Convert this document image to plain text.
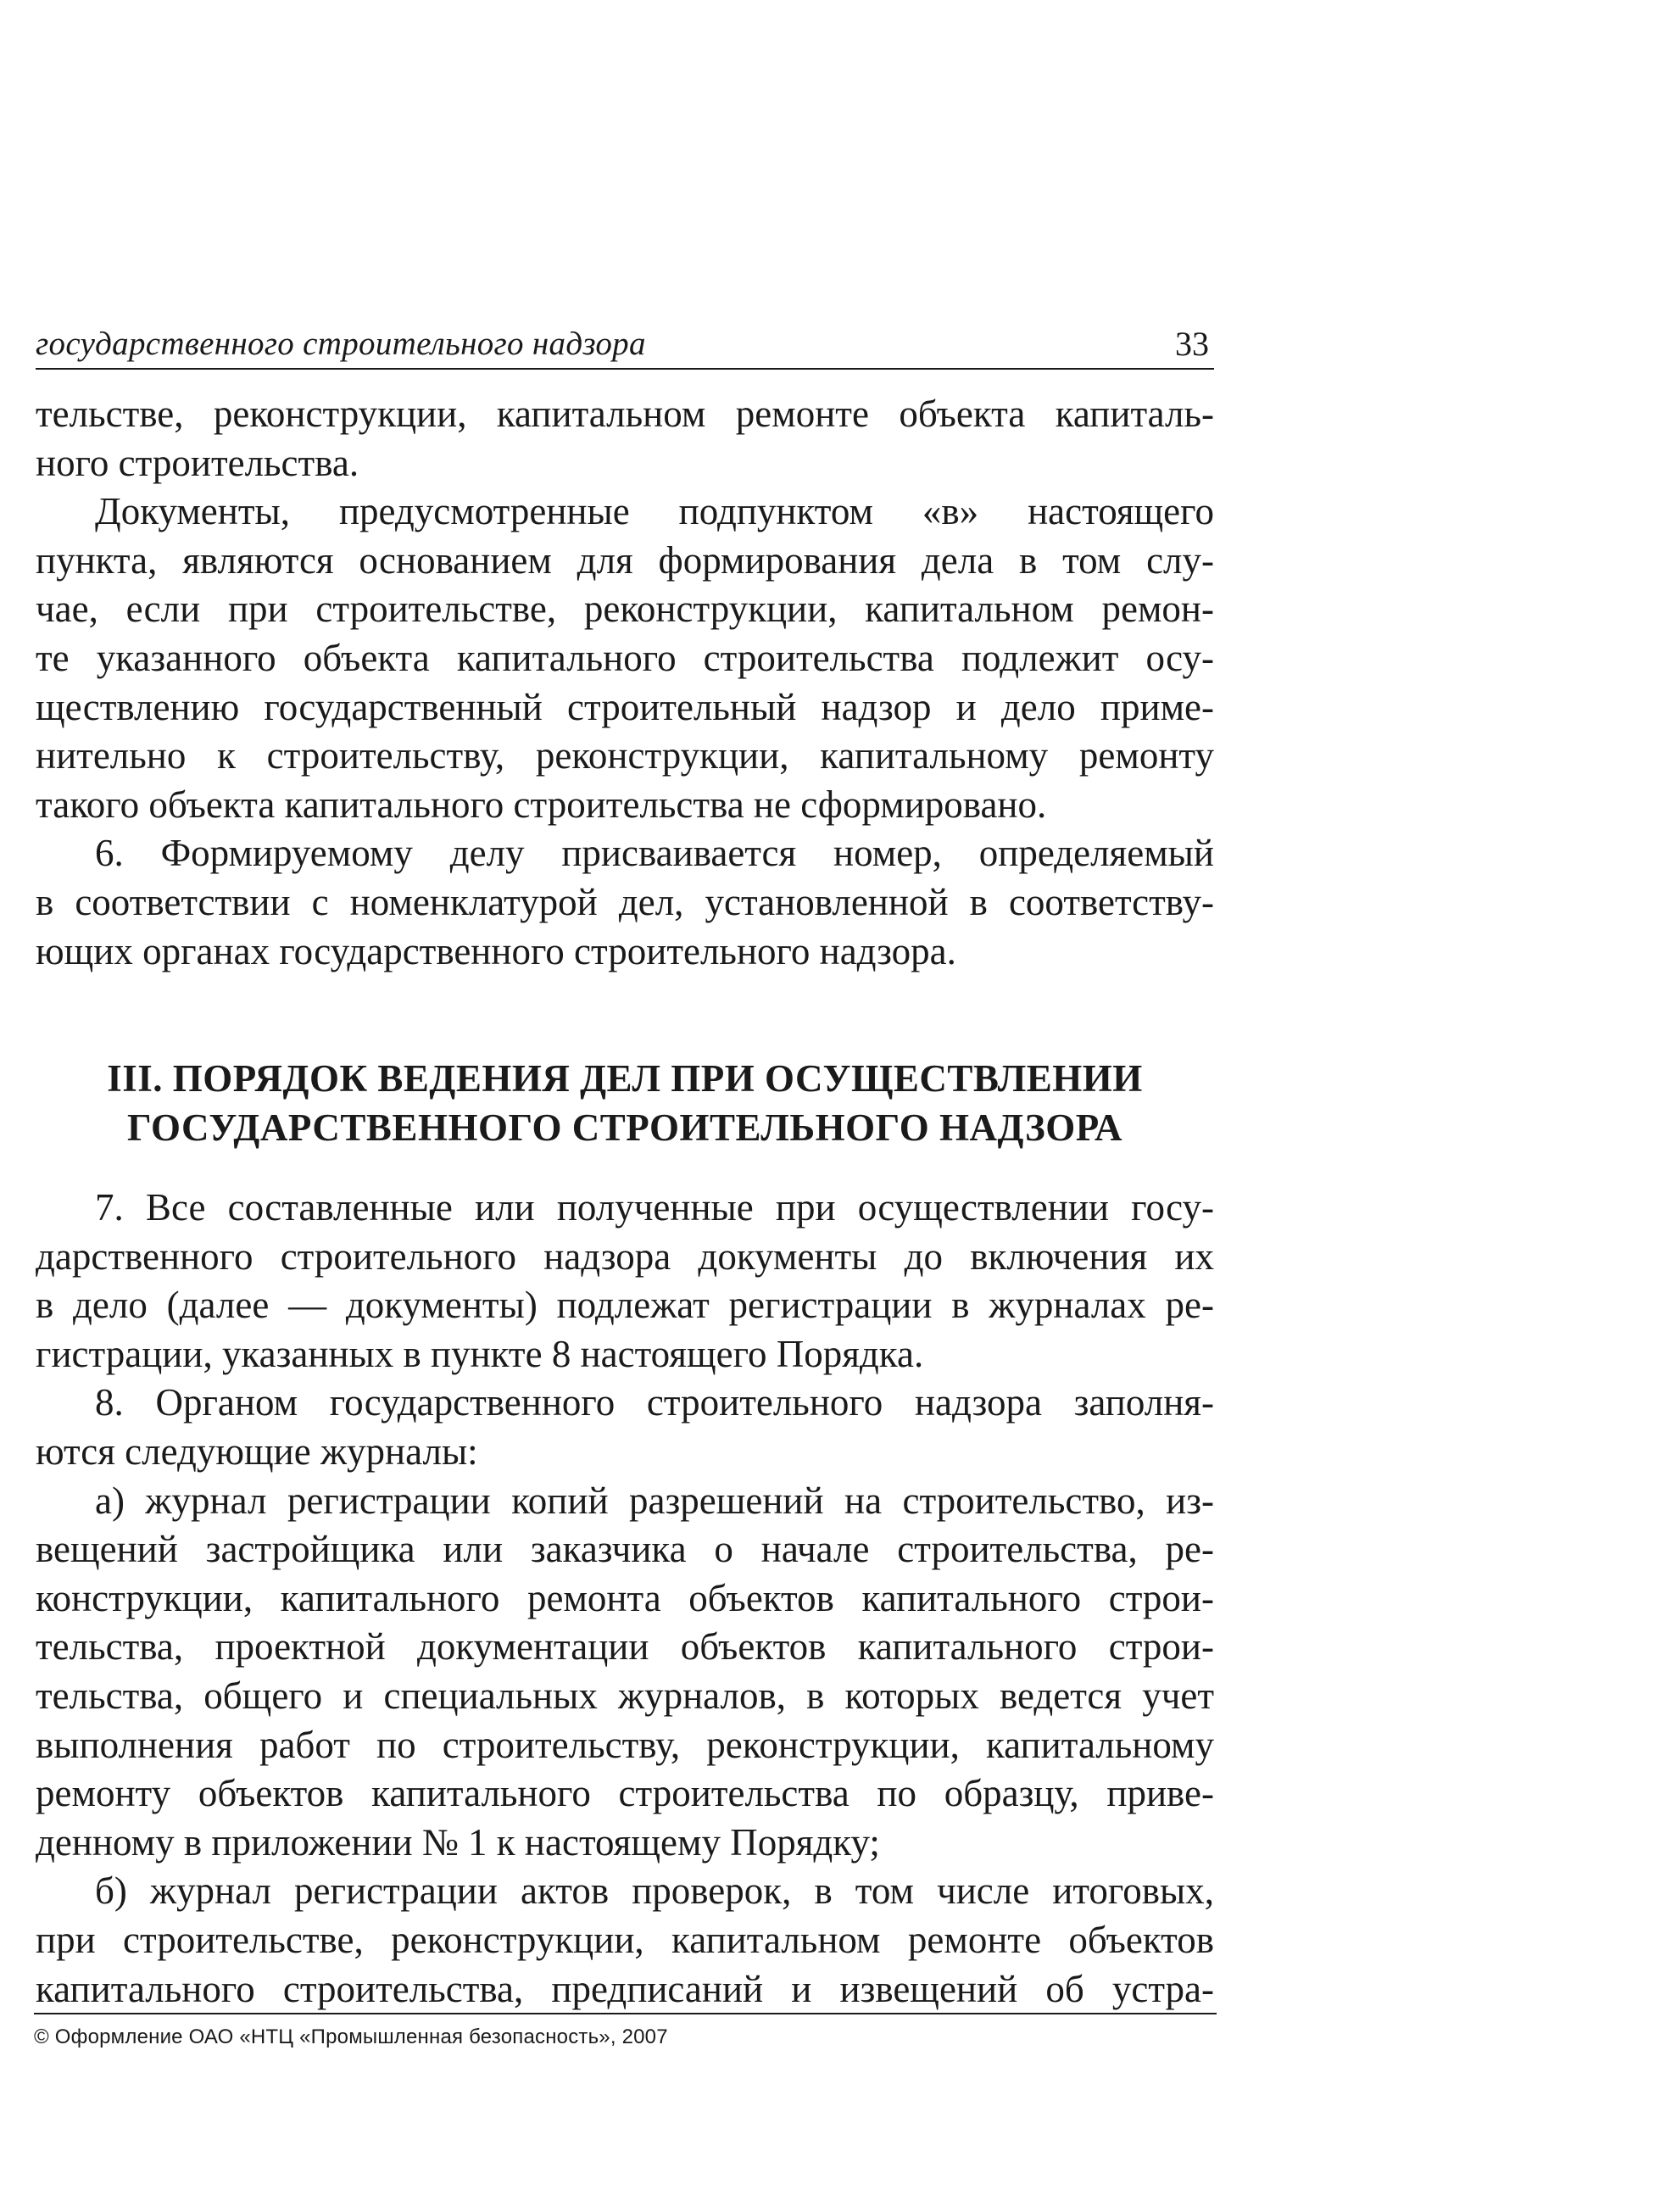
государственного строительного надзора	33
тельстве, реконструкции, капитальном ремонте объекта капиталь-
ного строительства.
Документы, предусмотренные подпунктом «в» настоящего
пункта, являются основанием для формирования дела в том слу-
чае, если при строительстве, реконструкции, капитальном ремон-
те указанного объекта капитального строительства подлежит осу-
ществлению государственный строительный надзор и дело приме-
нительно к строительству, реконструкции, капитальному ремонту
такого объекта капитального строительства не сформировано.
6. Формируемому делу присваивается номер, определяемый
в соответствии с номенклатурой дел, установленной в соответству-
ющих органах государственного строительного надзора.
III. ПОРЯДОК ВЕДЕНИЯ ДЕЛ ПРИ ОСУЩЕСТВЛЕНИИ
ГОСУДАРСТВЕННОГО СТРОИТЕЛЬНОГО НАДЗОРА
7. Все составленные или полученные при осуществлении госу-
дарственного строительного надзора документы до включения их
в дело (далее — документы) подлежат регистрации в журналах ре-
гистрации, указанных в пункте 8 настоящего Порядка.
8. Органом государственного строительного надзора заполня-
ются следующие журналы:
а) журнал регистрации копий разрешений на строительство, из-
вещений застройщика или заказчика о начале строительства, ре-
конструкции, капитального ремонта объектов капитального строи-
тельства, проектной документации объектов капитального строи-
тельства, общего и специальных журналов, в которых ведется учет
выполнения работ по строительству, реконструкции, капитальному
ремонту объектов капитального строительства по образцу, приве-
денному в приложении № 1 к настоящему Порядку;
б) журнал регистрации актов проверок, в том числе итоговых,
при строительстве, реконструкции, капитальном ремонте объектов
капитального строительства, предписаний и извещений об устра-
© Оформление ОАО «НТЦ «Промышленная безопасность», 2007
